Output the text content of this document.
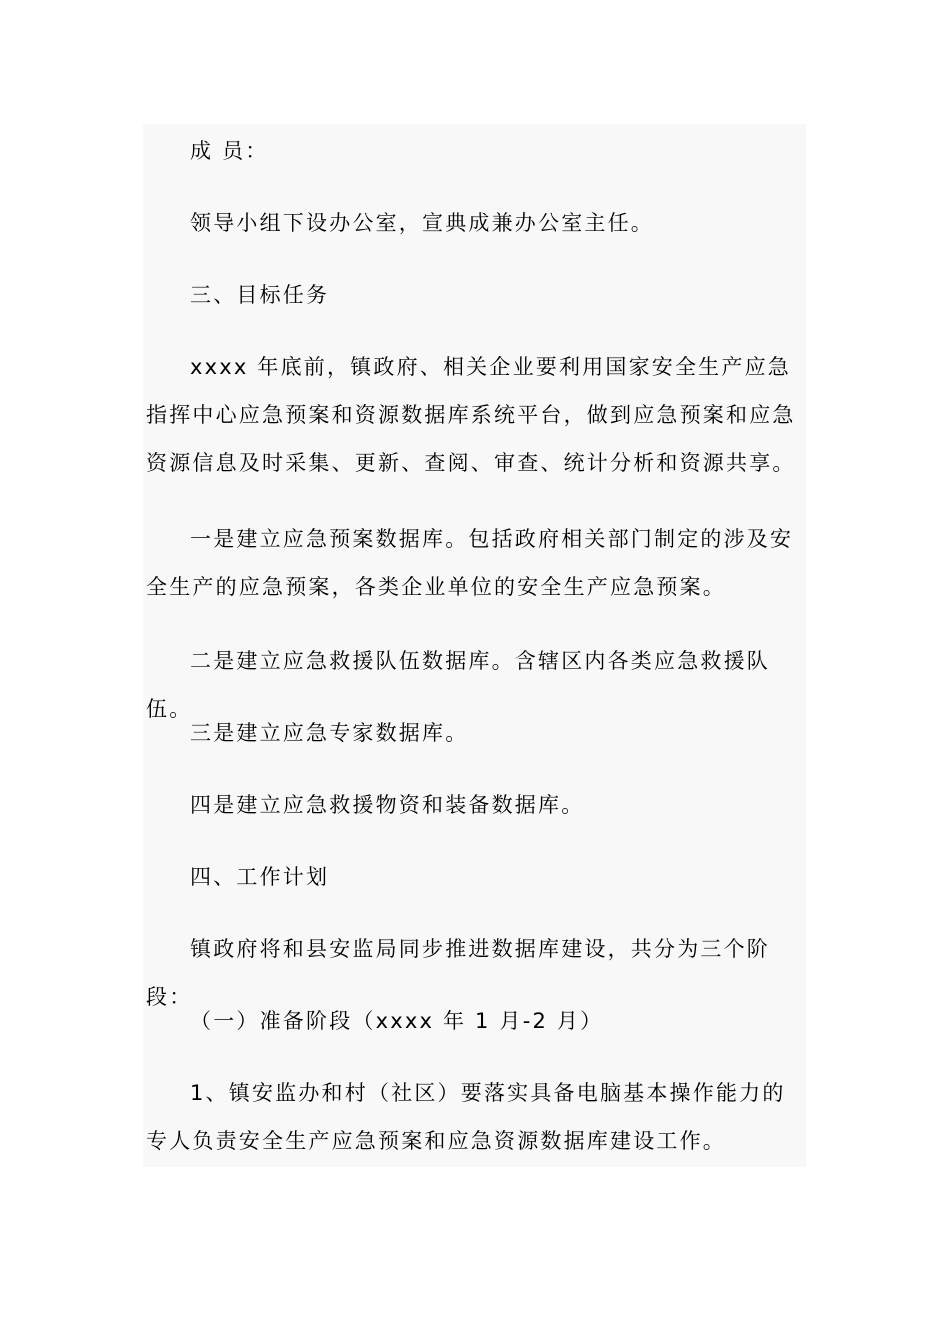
成 员：

领导小组下设办公室，宣典成兼办公室主任。

三、目标任务

xxxx 年底前，镇政府、相关企业要利用国家安全生产应急指挥中心应急预案和资源数据库系统平台，做到应急预案和应急资源信息及时采集、更新、查阅、审查、统计分析和资源共享。

一是建立应急预案数据库。包括政府相关部门制定的涉及安全生产的应急预案，各类企业单位的安全生产应急预案。

二是建立应急救援队伍数据库。含辖区内各类应急救援队伍。

三是建立应急专家数据库。

四是建立应急救援物资和装备数据库。

四、工作计划

镇政府将和县安监局同步推进数据库建设，共分为三个阶段：

（一）准备阶段（xxxx 年 1 月-2 月）

1、镇安监办和村（社区）要落实具备电脑基本操作能力的专人负责安全生产应急预案和应急资源数据库建设工作。
